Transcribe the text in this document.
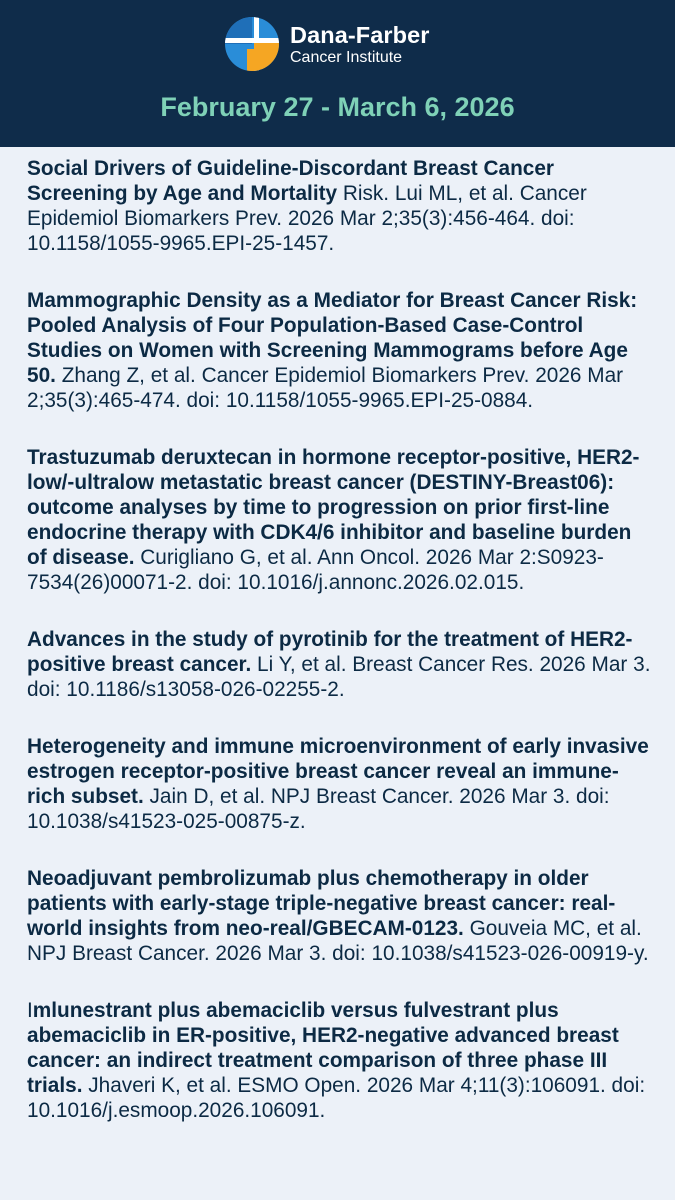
Dana-Farber
Cancer Institute
February 27 - March 6, 2026

Social Drivers of Guideline-Discordant Breast Cancer Screening by Age and Mortality Risk. Lui ML, et al. Cancer Epidemiol Biomarkers Prev. 2026 Mar 2;35(3):456-464. doi: 10.1158/1055-9965.EPI-25-1457.

Mammographic Density as a Mediator for Breast Cancer Risk: Pooled Analysis of Four Population-Based Case-Control Studies on Women with Screening Mammograms before Age 50. Zhang Z, et al. Cancer Epidemiol Biomarkers Prev. 2026 Mar 2;35(3):465-474. doi: 10.1158/1055-9965.EPI-25-0884.

Trastuzumab deruxtecan in hormone receptor-positive, HER2-low/-ultralow metastatic breast cancer (DESTINY-Breast06): outcome analyses by time to progression on prior first-line endocrine therapy with CDK4/6 inhibitor and baseline burden of disease. Curigliano G, et al. Ann Oncol. 2026 Mar 2:S0923-7534(26)00071-2. doi: 10.1016/j.annonc.2026.02.015.

Advances in the study of pyrotinib for the treatment of HER2-positive breast cancer. Li Y, et al. Breast Cancer Res. 2026 Mar 3. doi: 10.1186/s13058-026-02255-2.

Heterogeneity and immune microenvironment of early invasive estrogen receptor-positive breast cancer reveal an immune-rich subset. Jain D, et al. NPJ Breast Cancer. 2026 Mar 3. doi: 10.1038/s41523-025-00875-z.

Neoadjuvant pembrolizumab plus chemotherapy in older patients with early-stage triple-negative breast cancer: real-world insights from neo-real/GBECAM-0123. Gouveia MC, et al. NPJ Breast Cancer. 2026 Mar 3. doi: 10.1038/s41523-026-00919-y.

Imlunestrant plus abemaciclib versus fulvestrant plus abemaciclib in ER-positive, HER2-negative advanced breast cancer: an indirect treatment comparison of three phase III trials. Jhaveri K, et al. ESMO Open. 2026 Mar 4;11(3):106091. doi: 10.1016/j.esmoop.2026.106091.
